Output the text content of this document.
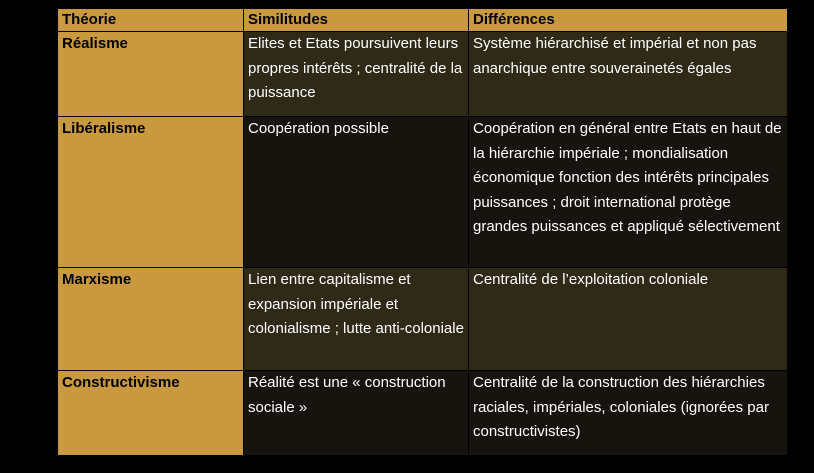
Théorie	Similitudes	Différences
Réalisme	Elites et Etats poursuivent leurs propres intérêts ; centralité de la puissance	Système hiérarchisé et impérial et non pas anarchique entre souverainetés égales
Libéralisme	Coopération possible	Coopération en général entre Etats en haut de la hiérarchie impériale ; mondialisation économique fonction des intérêts principales puissances ; droit international protège grandes puissances et appliqué sélectivement
Marxisme	Lien entre capitalisme et expansion impériale et colonialisme ; lutte anti-coloniale	Centralité de l’exploitation coloniale
Constructivisme	Réalité est une « construction sociale »	Centralité de la construction des hiérarchies raciales, impériales, coloniales (ignorées par constructivistes)
